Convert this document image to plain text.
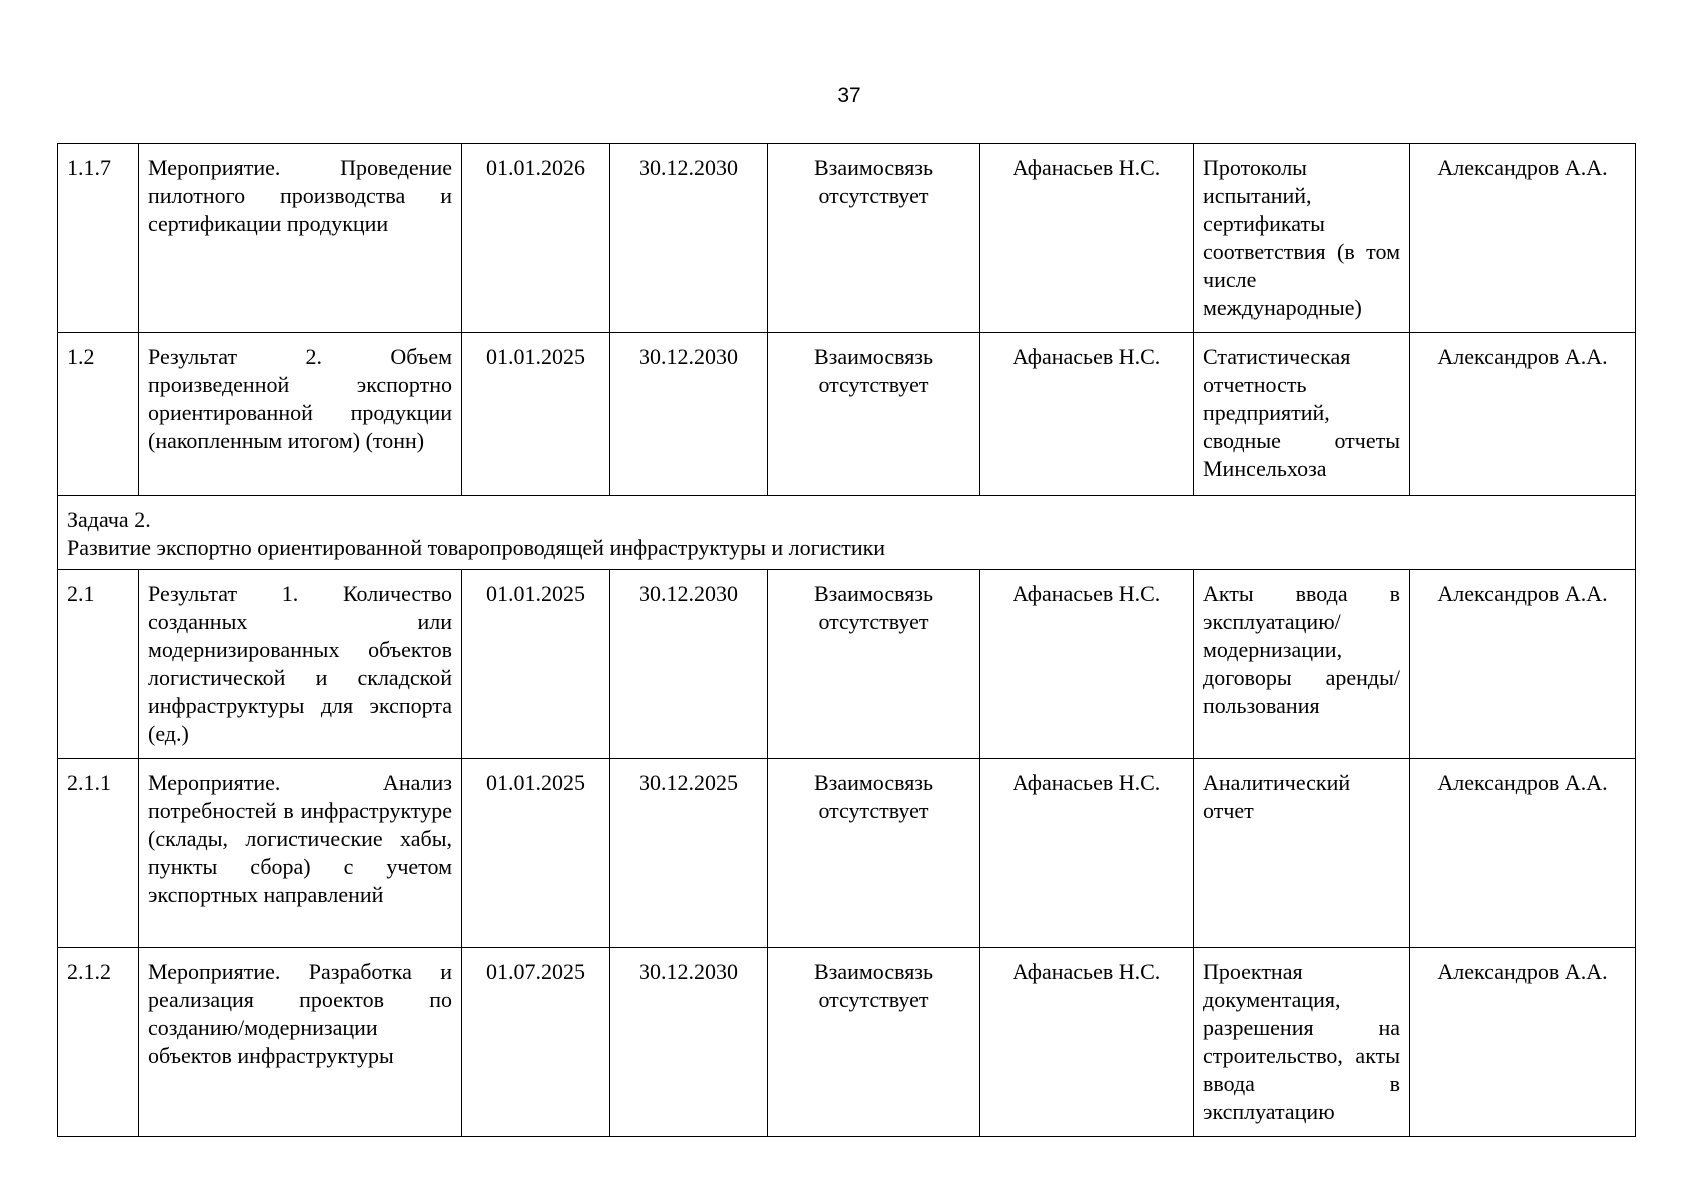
37
1.1.7	Мероприятие. Проведение пилотного производства и сертификации продукции	01.01.2026	30.12.2030	Взаимосвязь отсутствует	Афанасьев Н.С.	Протоколы испытаний, сертификаты соответствия (в том числе международные)	Александров А.А.
1.2	Результат 2. Объем произведенной экспортно ориентированной продукции (накопленным итогом) (тонн)	01.01.2025	30.12.2030	Взаимосвязь отсутствует	Афанасьев Н.С.	Статистическая отчетность предприятий, сводные отчеты Минсельхоза	Александров А.А.

Задача 2.
Развитие экспортно ориентированной товаропроводящей инфраструктуры и логистики							

2.1	Результат 1. Количество созданных или модернизированных объектов логистической и складской инфраструктуры для экспорта (ед.)	01.01.2025	30.12.2030	Взаимосвязь отсутствует	Афанасьев Н.С.	Акты ввода в эксплуатацию/ модернизации, договоры аренды/ пользования	Александров А.А.
2.1.1	Мероприятие. Анализ потребностей в инфраструктуре (склады, логистические хабы, пункты сбора) с учетом экспортных направлений	01.01.2025	30.12.2025	Взаимосвязь отсутствует	Афанасьев Н.С.	Аналитический отчет	Александров А.А.
2.1.2	Мероприятие. Разработка и реализация проектов по созданию/модернизации объектов инфраструктуры	01.07.2025	30.12.2030	Взаимосвязь отсутствует	Афанасьев Н.С.	Проектная документация, разрешения на строительство, акты ввода в эксплуатацию	Александров А.А.
